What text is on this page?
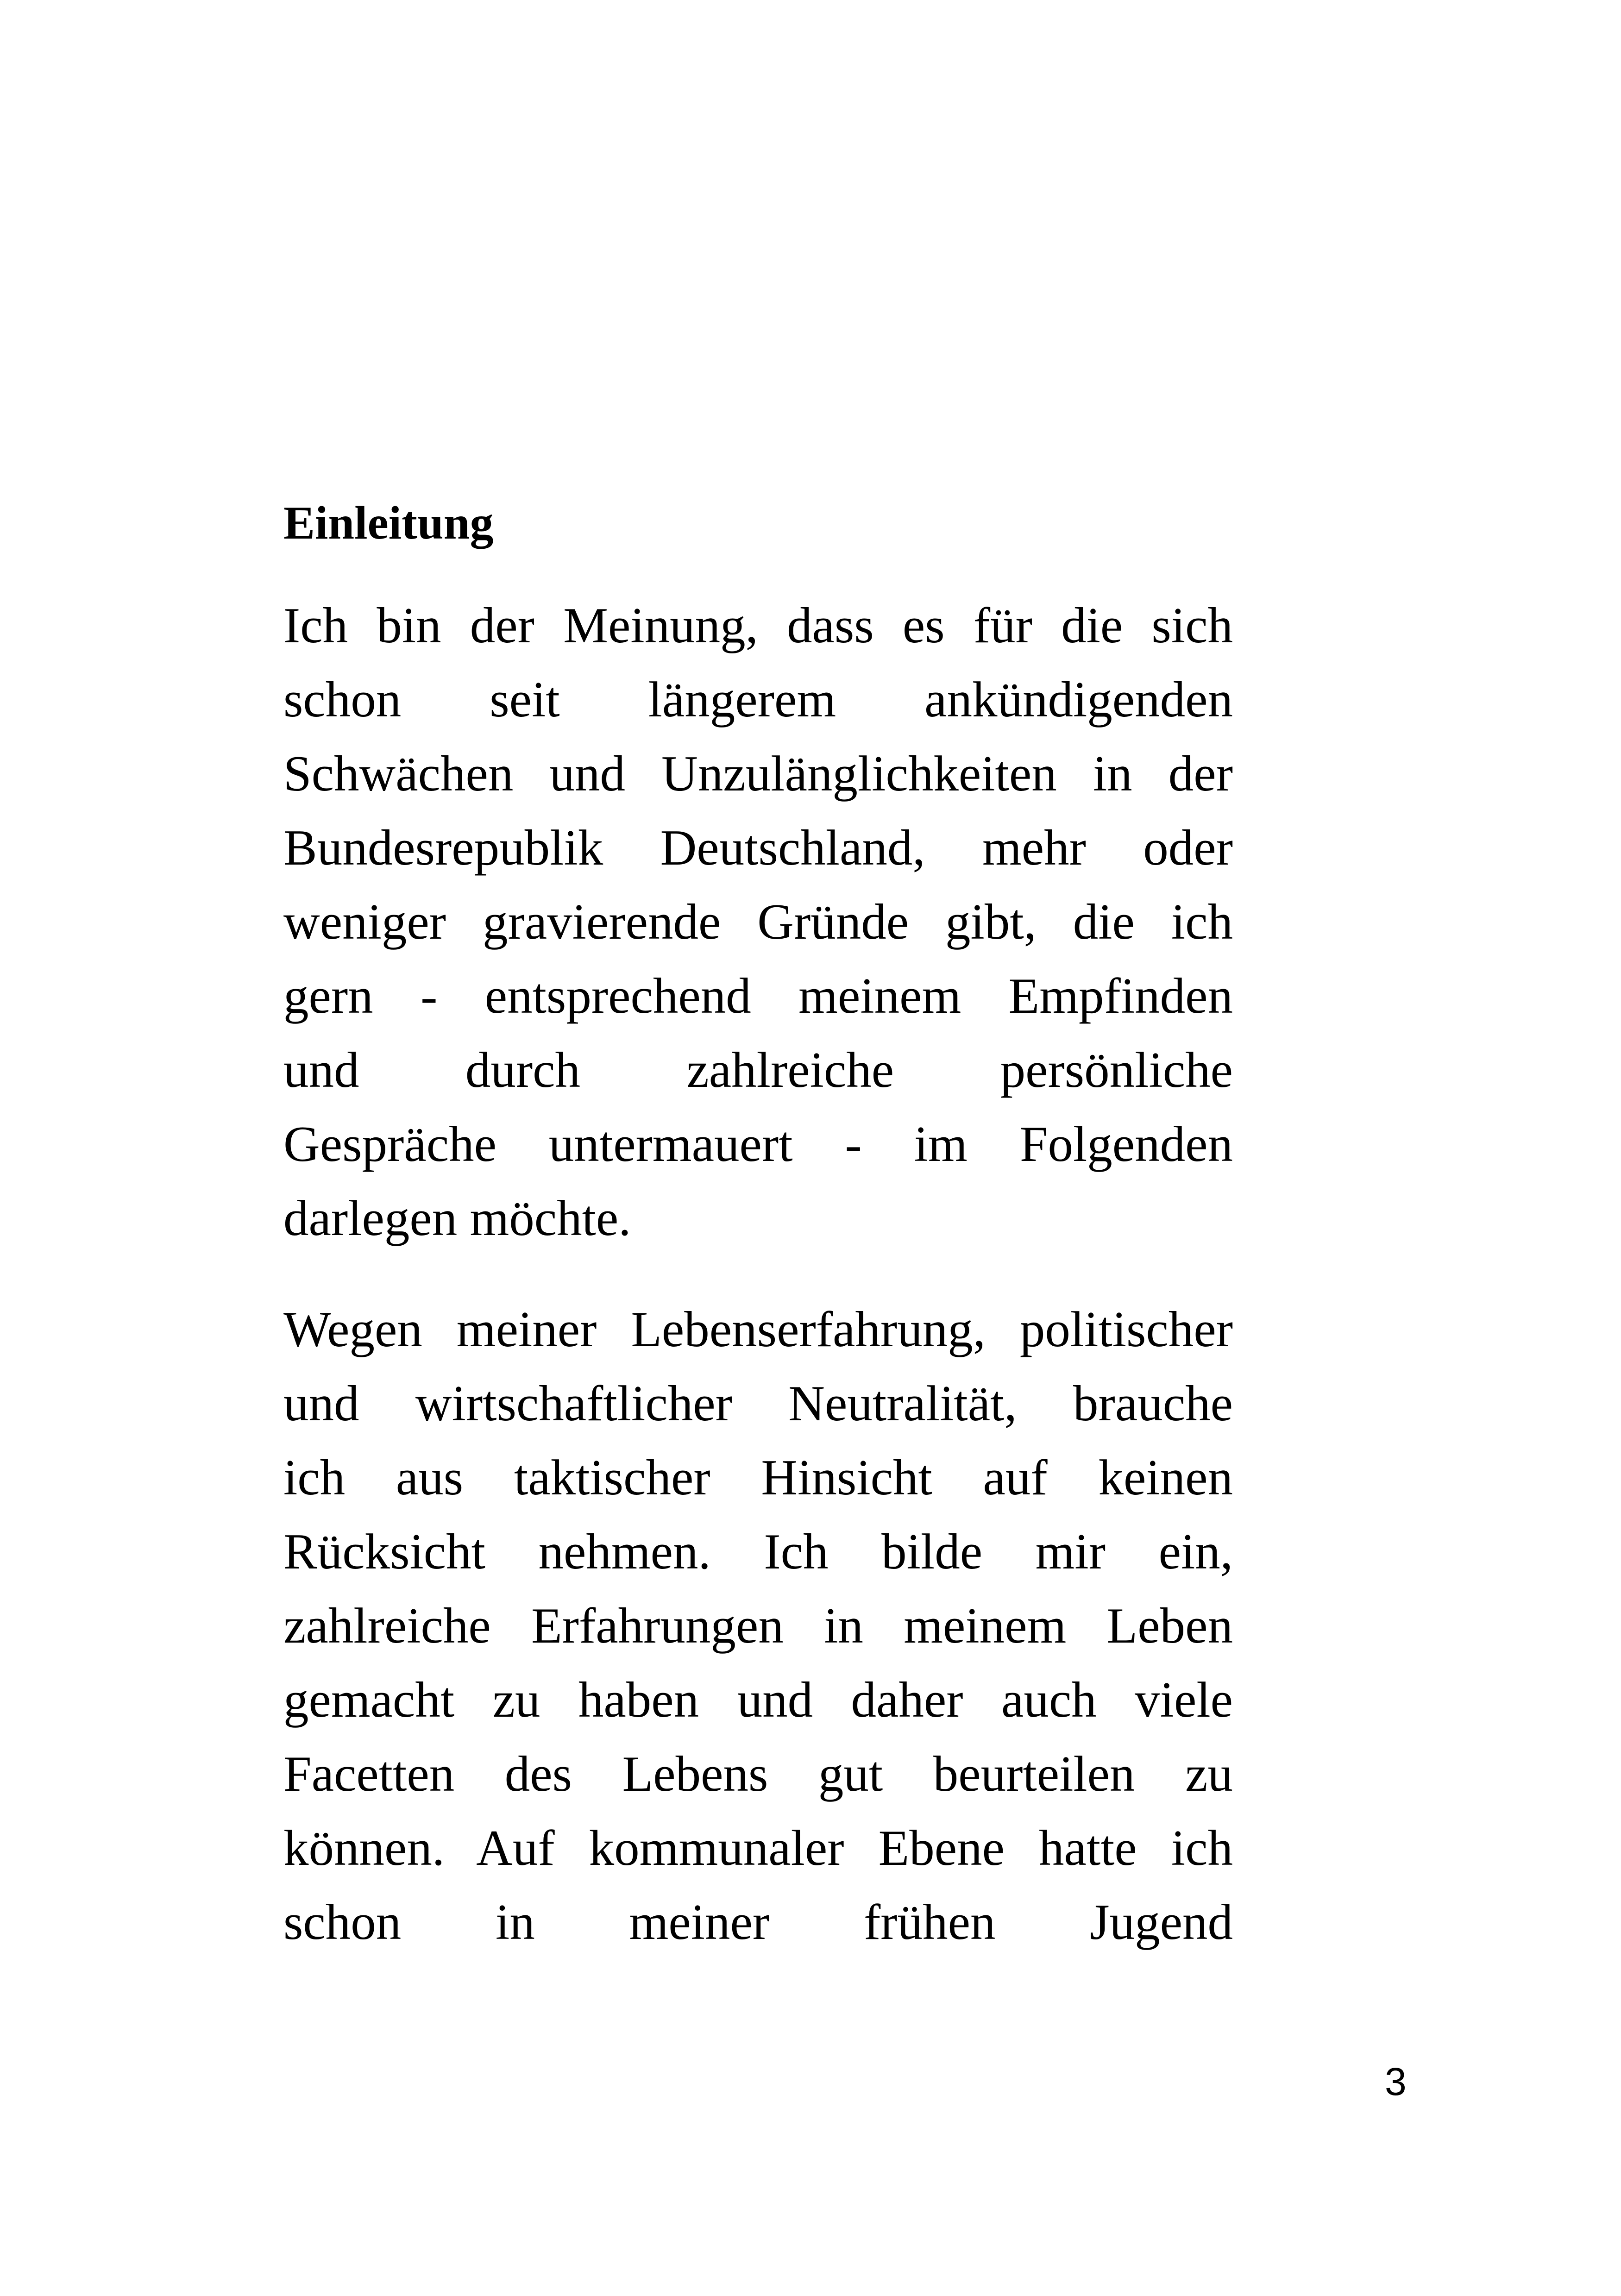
Einleitung
Ich bin der Meinung, dass es für die sich
schon seit längerem ankündigenden
Schwächen und Unzulänglichkeiten in der
Bundesrepublik Deutschland, mehr oder
weniger gravierende Gründe gibt, die ich
gern - entsprechend meinem Empfinden
und durch zahlreiche persönliche
Gespräche untermauert - im Folgenden
darlegen möchte.
Wegen meiner Lebenserfahrung, politischer
und wirtschaftlicher Neutralität, brauche
ich aus taktischer Hinsicht auf keinen
Rücksicht nehmen. Ich bilde mir ein,
zahlreiche Erfahrungen in meinem Leben
gemacht zu haben und daher auch viele
Facetten des Lebens gut beurteilen zu
können. Auf kommunaler Ebene hatte ich
schon in meiner frühen Jugend
3
